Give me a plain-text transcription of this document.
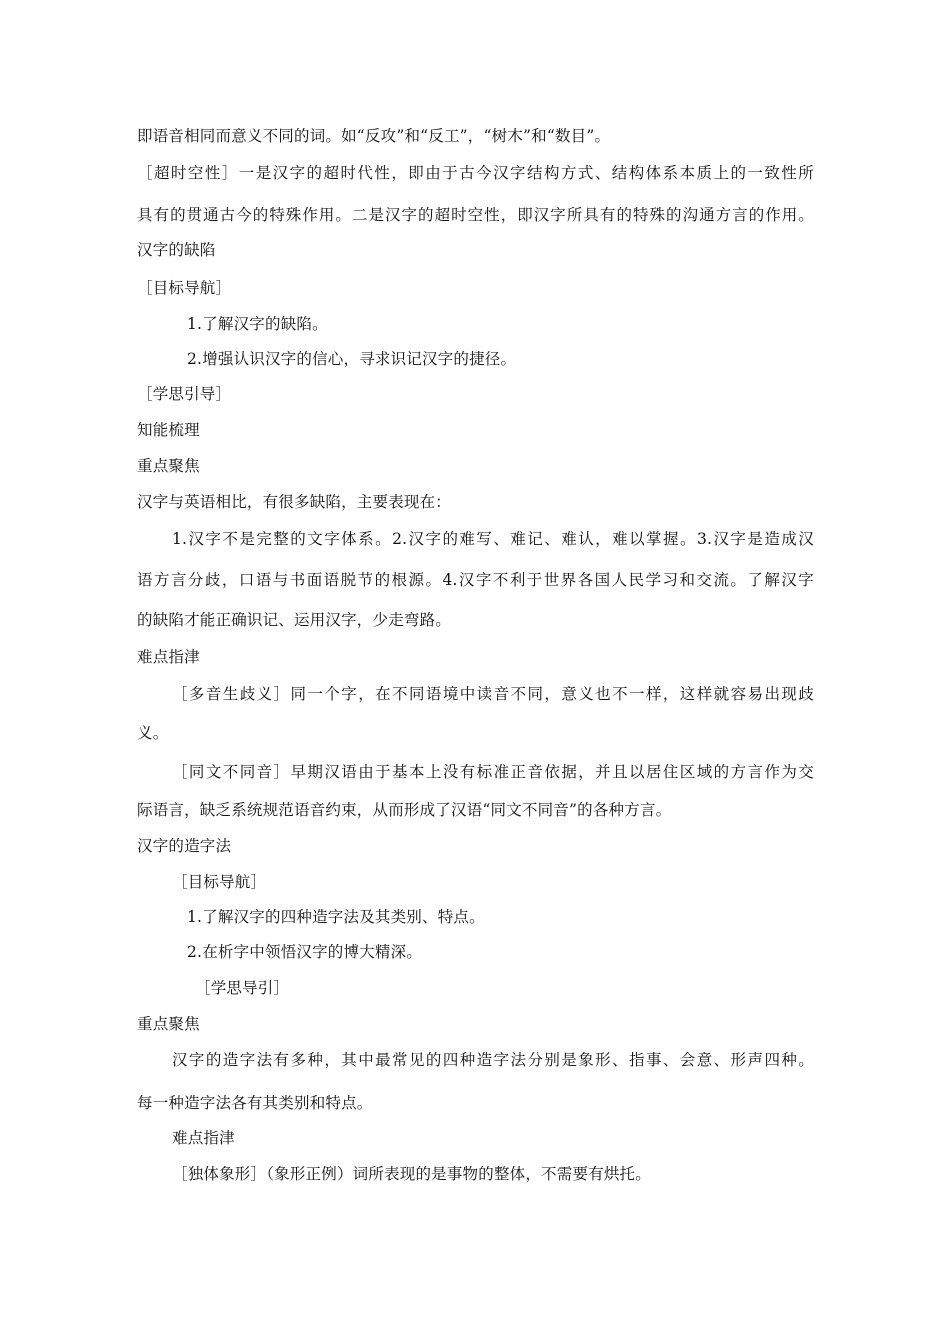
即语音相同而意义不同的词。如“反攻”和“反工”，“树木”和“数目”。
［超时空性］一是汉字的超时代性，即由于古今汉字结构方式、结构体系本质上的一致性所
具有的贯通古今的特殊作用。二是汉字的超时空性，即汉字所具有的特殊的沟通方言的作用。
汉字的缺陷
［目标导航］
1.了解汉字的缺陷。
2.增强认识汉字的信心，寻求识记汉字的捷径。
［学思引导］
知能梳理
重点聚焦
汉字与英语相比，有很多缺陷，主要表现在：
1.汉字不是完整的文字体系。2.汉字的难写、难记、难认，难以掌握。3.汉字是造成汉
语方言分歧，口语与书面语脱节的根源。4.汉字不利于世界各国人民学习和交流。了解汉字
的缺陷才能正确识记、运用汉字，少走弯路。
难点指津
［多音生歧义］同一个字，在不同语境中读音不同，意义也不一样，这样就容易出现歧
义。
［同文不同音］早期汉语由于基本上没有标准正音依据，并且以居住区域的方言作为交
际语言，缺乏系统规范语音约束，从而形成了汉语“同文不同音”的各种方言。
汉字的造字法
［目标导航］
1.了解汉字的四种造字法及其类别、特点。
2.在析字中领悟汉字的博大精深。
［学思导引］
重点聚焦
汉字的造字法有多种，其中最常见的四种造字法分别是象形、指事、会意、形声四种。
每一种造字法各有其类别和特点。
难点指津
［独体象形］（象形正例）词所表现的是事物的整体，不需要有烘托。
